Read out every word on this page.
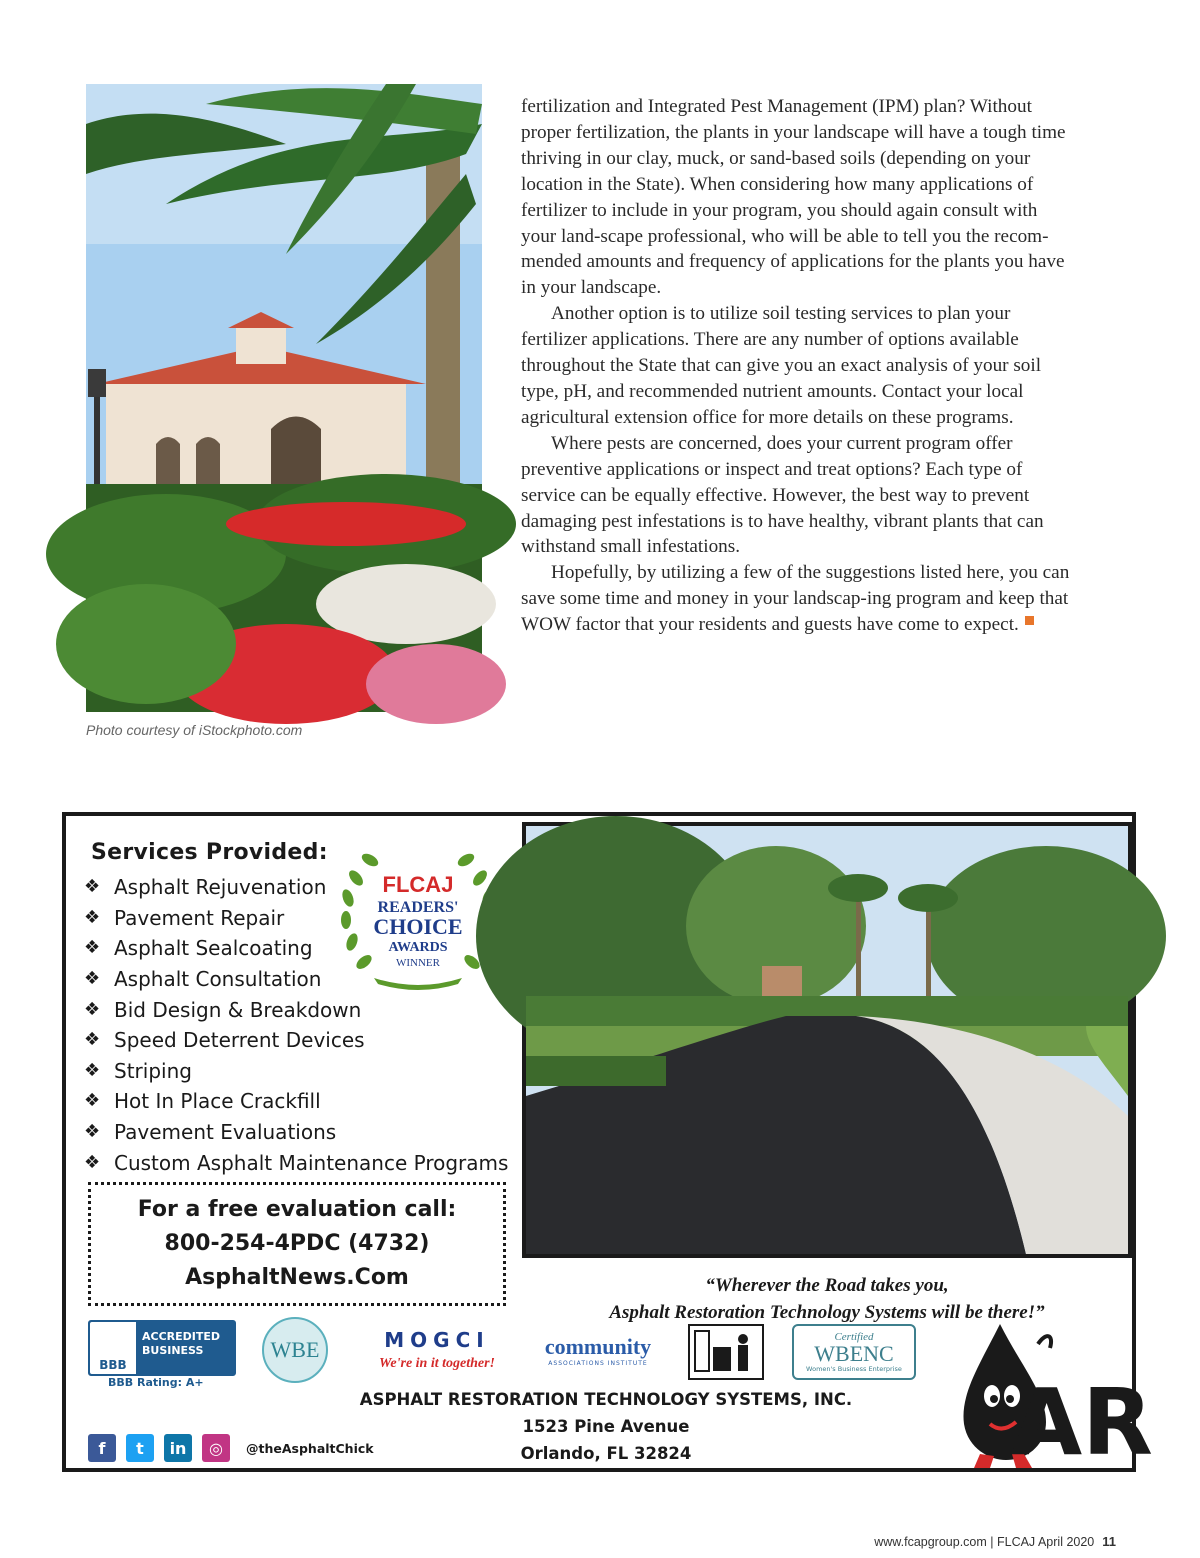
Photo courtesy of iStockphoto.com

fertilization and Integrated Pest Management (IPM) plan? Without proper fertilization, the plants in your landscape will have a tough time thriving in our clay, muck, or sand-based soils (depending on your location in the State). When considering how many applications of fertilizer to include in your program, you should again consult with your land-scape professional, who will be able to tell you the recom-mended amounts and frequency of applications for the plants you have in your landscape.

Another option is to utilize soil testing services to plan your fertilizer applications. There are any number of options available throughout the State that can give you an exact analysis of your soil type, pH, and recommended nutrient amounts. Contact your local agricultural extension office for more details on these programs.

Where pests are concerned, does your current program offer preventive applications or inspect and treat options? Each type of service can be equally effective. However, the best way to prevent damaging pest infestations is to have healthy, vibrant plants that can withstand small infestations.

Hopefully, by utilizing a few of the suggestions listed here, you can save some time and money in your landscap-ing program and keep that WOW factor that your residents and guests have come to expect.

Services Provided:
❖ Asphalt Rejuvenation
❖ Pavement Repair
❖ Asphalt Sealcoating
❖ Asphalt Consultation
❖ Bid Design & Breakdown
❖ Speed Deterrent Devices
❖ Striping
❖ Hot In Place Crackfill
❖ Pavement Evaluations
❖ Custom Asphalt Maintenance Programs
FLCAJ
READERS'
CHOICE
AWARDS
WINNER
For a free evaluation call:
800-254-4PDC (4732)
AsphaltNews.Com	“Wherever the Road takes you,
Asphalt Restoration Technology Systems will be there!”
BBB
ACCREDITED
BUSINESS
BBB Rating: A+
WBE	MOGCI
We're in it together!
community
ASSOCIATIONS INSTITUTE
Certified
WBENC
Women's Business Enterprise
ASPHALT RESTORATION TECHNOLOGY SYSTEMS, INC.
1523 Pine Avenue
Orlando, FL 32824
f	t	in	◎	@theAsphaltChick	AR
www.fcapgroup.com | FLCAJ April 2020 11
